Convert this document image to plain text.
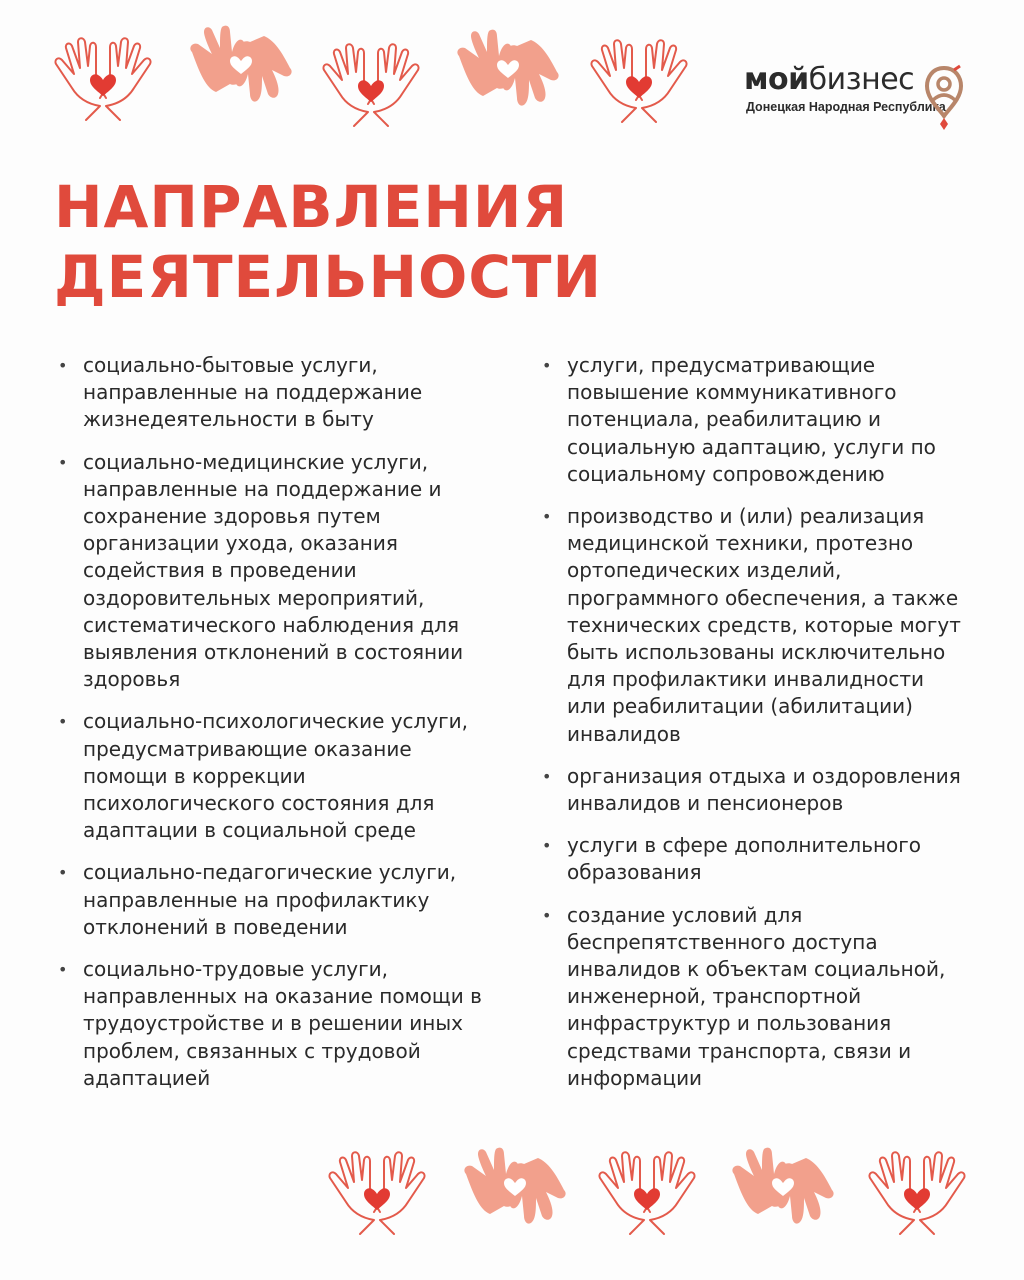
мойбизнес
Донецкая Народная Республика
НАПРАВЛЕНИЯ
ДЕЯТЕЛЬНОСТИ
• социально-бытовые услуги,
направленные на поддержание
жизнедеятельности в быту
• социально-медицинские услуги,
направленные на поддержание и
сохранение здоровья путем
организации ухода, оказания
содействия в проведении
оздоровительных мероприятий,
систематического наблюдения для
выявления отклонений в состоянии
здоровья
• социально-психологические услуги,
предусматривающие оказание
помощи в коррекции
психологического состояния для
адаптации в социальной среде
• социально-педагогические услуги,
направленные на профилактику
отклонений в поведении
• социально-трудовые услуги,
направленных на оказание помощи в
трудоустройстве и в решении иных
проблем, связанных с трудовой
адаптацией
• услуги, предусматривающие
повышение коммуникативного
потенциала, реабилитацию и
социальную адаптацию, услуги по
социальному сопровождению
• производство и (или) реализация
медицинской техники, протезно
ортопедических изделий,
программного обеспечения, а также
технических средств, которые могут
быть использованы исключительно
для профилактики инвалидности
или реабилитации (абилитации)
инвалидов
• организация отдыха и оздоровления
инвалидов и пенсионеров
• услуги в сфере дополнительного
образования
• создание условий для
беспрепятственного доступа
инвалидов к объектам социальной,
инженерной, транспортной
инфраструктур и пользования
средствами транспорта, связи и
информации
